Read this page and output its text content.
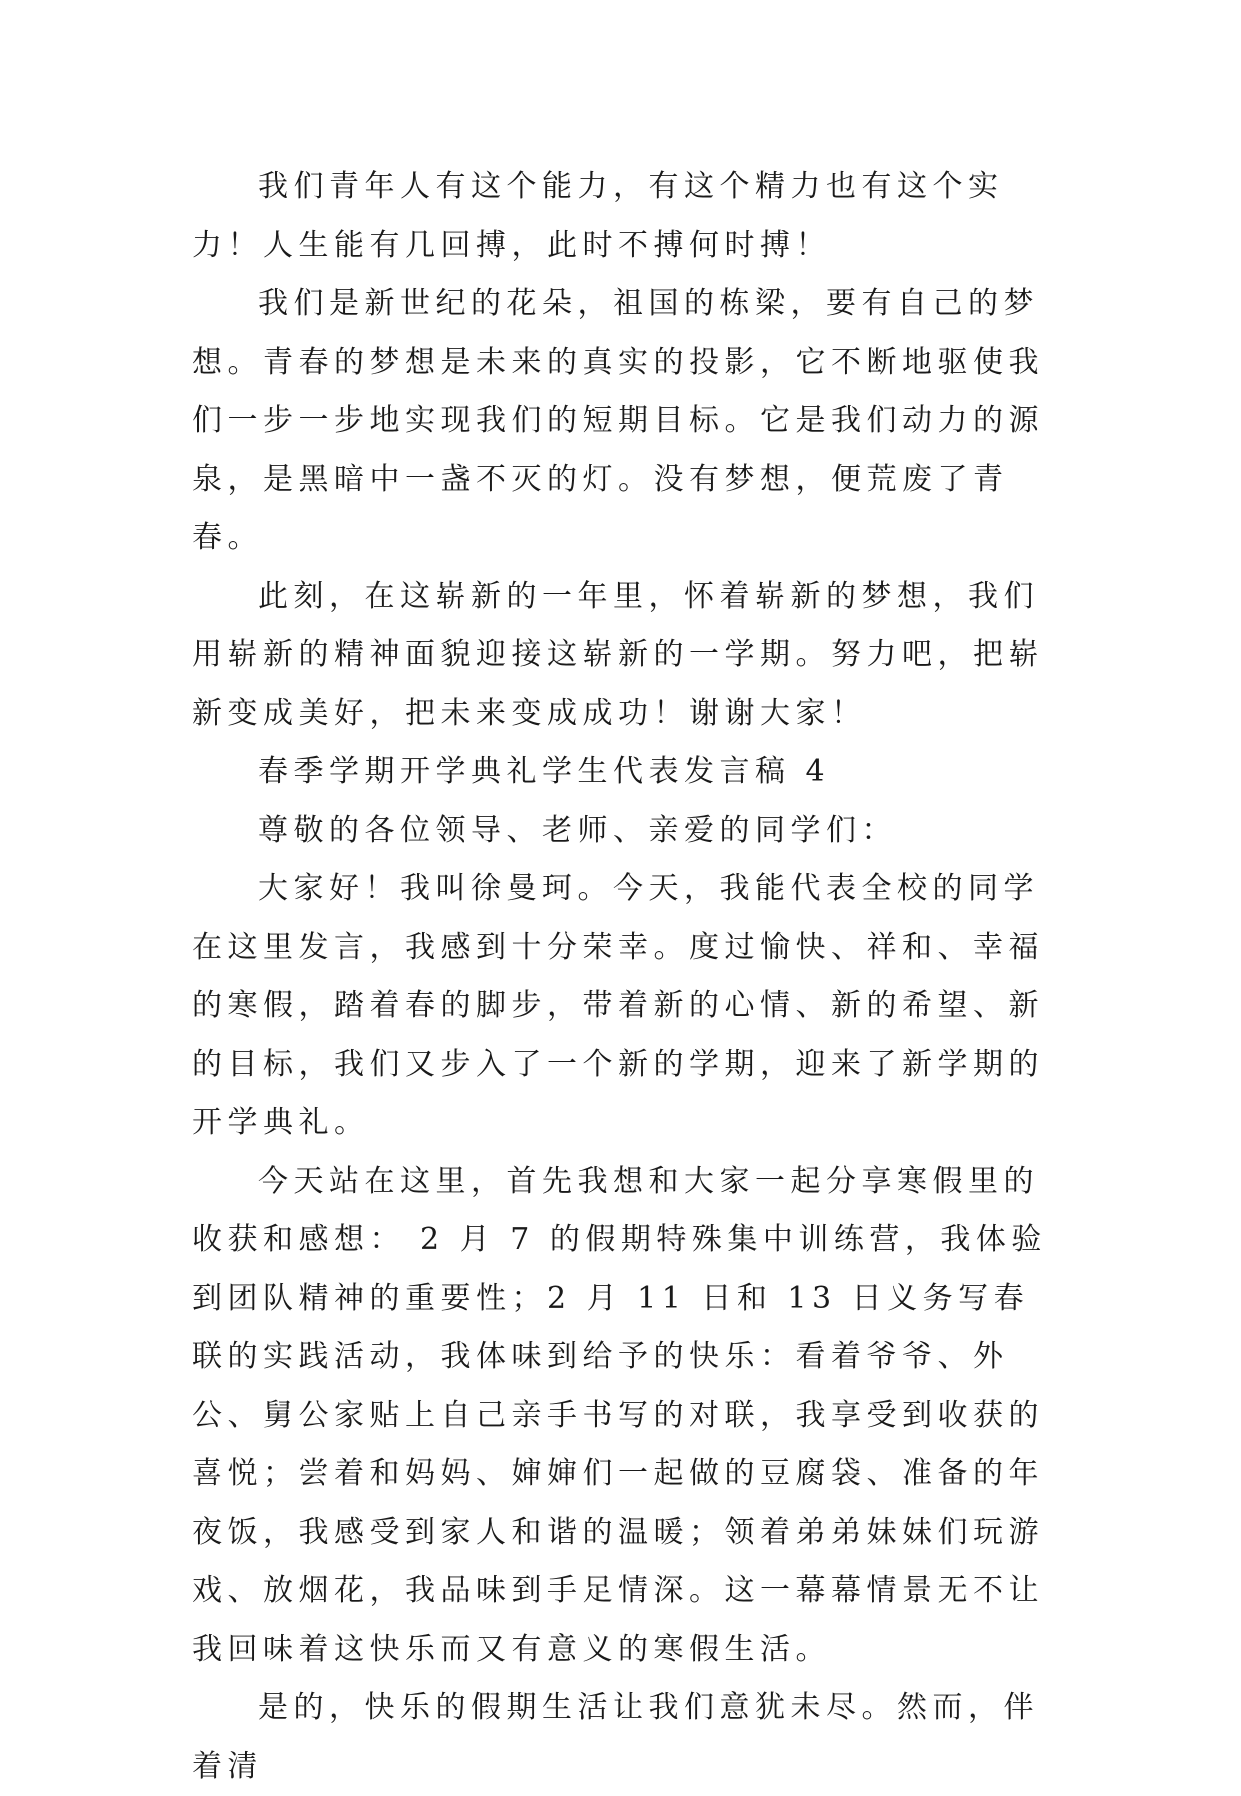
我们青年人有这个能力，有这个精力也有这个实力！人生能有几回搏，此时不搏何时搏！

我们是新世纪的花朵，祖国的栋梁，要有自己的梦想。青春的梦想是未来的真实的投影，它不断地驱使我们一步一步地实现我们的短期目标。它是我们动力的源泉，是黑暗中一盏不灭的灯。没有梦想，便荒废了青春。

此刻，在这崭新的一年里，怀着崭新的梦想，我们用崭新的精神面貌迎接这崭新的一学期。努力吧，把崭新变成美好，把未来变成成功！谢谢大家！

春季学期开学典礼学生代表发言稿 4

尊敬的各位领导、老师、亲爱的同学们：

大家好！我叫徐曼珂。今天，我能代表全校的同学在这里发言，我感到十分荣幸。度过愉快、祥和、幸福的寒假，踏着春的脚步，带着新的心情、新的希望、新的目标，我们又步入了一个新的学期，迎来了新学期的开学典礼。

今天站在这里，首先我想和大家一起分享寒假里的收获和感想： 2 月 7 的假期特殊集中训练营，我体验到团队精神的重要性；2 月 11 日和 13 日义务写春联的实践活动，我体味到给予的快乐：看着爷爷、外公、舅公家贴上自己亲手书写的对联，我享受到收获的喜悦；尝着和妈妈、婶婶们一起做的豆腐袋、准备的年夜饭，我感受到家人和谐的温暖；领着弟弟妹妹们玩游戏、放烟花，我品味到手足情深。这一幕幕情景无不让我回味着这快乐而又有意义的寒假生活。

是的，快乐的假期生活让我们意犹未尽。然而，伴着清
